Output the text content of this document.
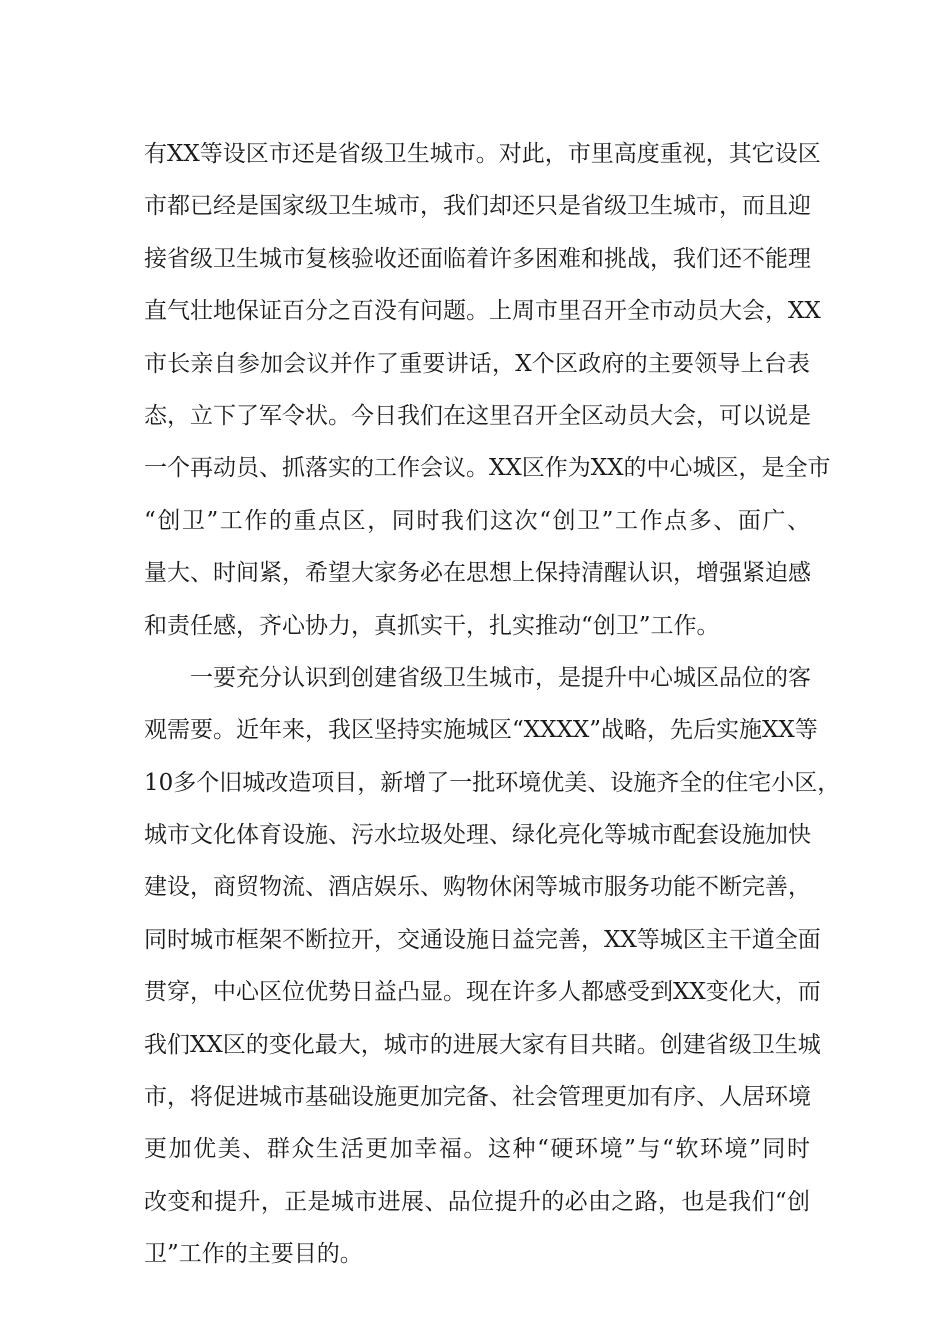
有XX等设区市还是省级卫生城市。对此，市里高度重视，其它设区
市都已经是国家级卫生城市，我们却还只是省级卫生城市，而且迎
接省级卫生城市复核验收还面临着许多困难和挑战，我们还不能理
直气壮地保证百分之百没有问题。上周市里召开全市动员大会，XX
市长亲自参加会议并作了重要讲话，X个区政府的主要领导上台表
态，立下了军令状。今日我们在这里召开全区动员大会，可以说是
一个再动员、抓落实的工作会议。XX区作为XX的中心城区，是全市
“创卫”工作的重点区，同时我们这次“创卫”工作点多、面广、
量大、时间紧，希望大家务必在思想上保持清醒认识，增强紧迫感
和责任感，齐心协力，真抓实干，扎实推动“创卫”工作。
一要充分认识到创建省级卫生城市，是提升中心城区品位的客
观需要。近年来，我区坚持实施城区“XXXX”战略，先后实施XX等
10多个旧城改造项目，新增了一批环境优美、设施齐全的住宅小区，
城市文化体育设施、污水垃圾处理、绿化亮化等城市配套设施加快
建设，商贸物流、酒店娱乐、购物休闲等城市服务功能不断完善，
同时城市框架不断拉开，交通设施日益完善，XX等城区主干道全面
贯穿，中心区位优势日益凸显。现在许多人都感受到XX变化大，而
我们XX区的变化最大，城市的进展大家有目共睹。创建省级卫生城
市，将促进城市基础设施更加完备、社会管理更加有序、人居环境
更加优美、群众生活更加幸福。这种“硬环境”与“软环境”同时
改变和提升，正是城市进展、品位提升的必由之路，也是我们“创
卫”工作的主要目的。
